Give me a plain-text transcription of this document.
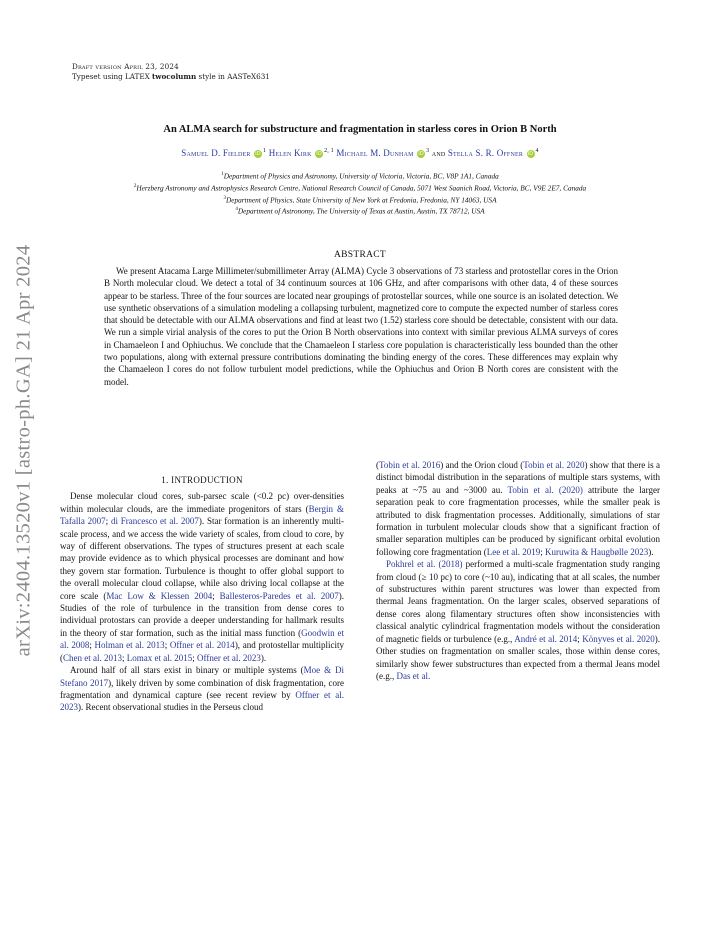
arXiv:2404.13520v1 [astro-ph.GA] 21 Apr 2024
Draft version April 23, 2024
Typeset using LATEX twocolumn style in AASTeX631
An ALMA search for substructure and fragmentation in starless cores in Orion B North
Samuel D. Fielder iD $^1$ Helen Kirk iD $^{2, 1}$ Michael M. Dunham iD $^3$ and Stella S. R. Offner iD $^4$
$^1$Department of Physics and Astronomy, University of Victoria, Victoria, BC, V8P 1A1, Canada
$^2$Herzberg Astronomy and Astrophysics Research Centre, National Research Council of Canada, 5071 West Saanich Road, Victoria, BC, V9E 2E7, Canada
$^3$Department of Physics, State University of New York at Fredonia, Fredonia, NY 14063, USA
$^4$Department of Astronomy, The University of Texas at Austin, Austin, TX 78712, USA
ABSTRACT
We present Atacama Large Millimeter/submillimeter Array (ALMA) Cycle 3 observations of 73 starless and protostellar cores in the Orion B North molecular cloud. We detect a total of 34 continuum sources at 106 GHz, and after comparisons with other data, 4 of these sources appear to be starless. Three of the four sources are located near groupings of protostellar sources, while one source is an isolated detection. We use synthetic observations of a simulation modeling a collapsing turbulent, magnetized core to compute the expected number of starless cores that should be detectable with our ALMA observations and find at least two (1.52) starless core should be detectable, consistent with our data. We run a simple virial analysis of the cores to put the Orion B North observations into context with similar previous ALMA surveys of cores in Chamaeleon I and Ophiuchus. We conclude that the Chamaeleon I starless core population is characteristically less bounded than the other two populations, along with external pressure contributions dominating the binding energy of the cores. These differences may explain why the Chamaeleon I cores do not follow turbulent model predictions, while the Ophiuchus and Orion B North cores are consistent with the model.
1. INTRODUCTION

Dense molecular cloud cores, sub-parsec scale (<0.2 pc) over-densities within molecular clouds, are the immediate progenitors of stars (Bergin & Tafalla 2007; di Francesco et al. 2007). Star formation is an inherently multi-scale process, and we access the wide variety of scales, from cloud to core, by way of different observations. The types of structures present at each scale may provide evidence as to which physical processes are dominant and how they govern star formation. Turbulence is thought to offer global support to the overall molecular cloud collapse, while also driving local collapse at the core scale (Mac Low & Klessen 2004; Ballesteros-Paredes et al. 2007). Studies of the role of turbulence in the transition from dense cores to individual protostars can provide a deeper understanding for hallmark results in the theory of star formation, such as the initial mass function (Goodwin et al. 2008; Holman et al. 2013; Offner et al. 2014), and protostellar multiplicity (Chen et al. 2013; Lomax et al. 2015; Offner et al. 2023).

Around half of all stars exist in binary or multiple systems (Moe & Di Stefano 2017), likely driven by some combination of disk fragmentation, core fragmentation and dynamical capture (see recent review by Offner et al. 2023). Recent observational studies in the Perseus cloud

(Tobin et al. 2016) and the Orion cloud (Tobin et al. 2020) show that there is a distinct bimodal distribution in the separations of multiple stars systems, with peaks at ~75 au and ~3000 au. Tobin et al. (2020) attribute the larger separation peak to core fragmentation processes, while the smaller peak is attributed to disk fragmentation processes. Additionally, simulations of star formation in turbulent molecular clouds show that a significant fraction of smaller separation multiples can be produced by significant orbital evolution following core fragmentation (Lee et al. 2019; Kuruwita & Haugbølle 2023).

Pokhrel et al. (2018) performed a multi-scale fragmentation study ranging from cloud (≥ 10 pc) to core (~10 au), indicating that at all scales, the number of substructures within parent structures was lower than expected from thermal Jeans fragmentation. On the larger scales, observed separations of dense cores along filamentary structures often show inconsistencies with classical analytic cylindrical fragmentation models without the consideration of magnetic fields or turbulence (e.g., André et al. 2014; Könyves et al. 2020). Other studies on fragmentation on smaller scales, those within dense cores, similarly show fewer substructures than expected from a thermal Jeans model (e.g., Das et al.
